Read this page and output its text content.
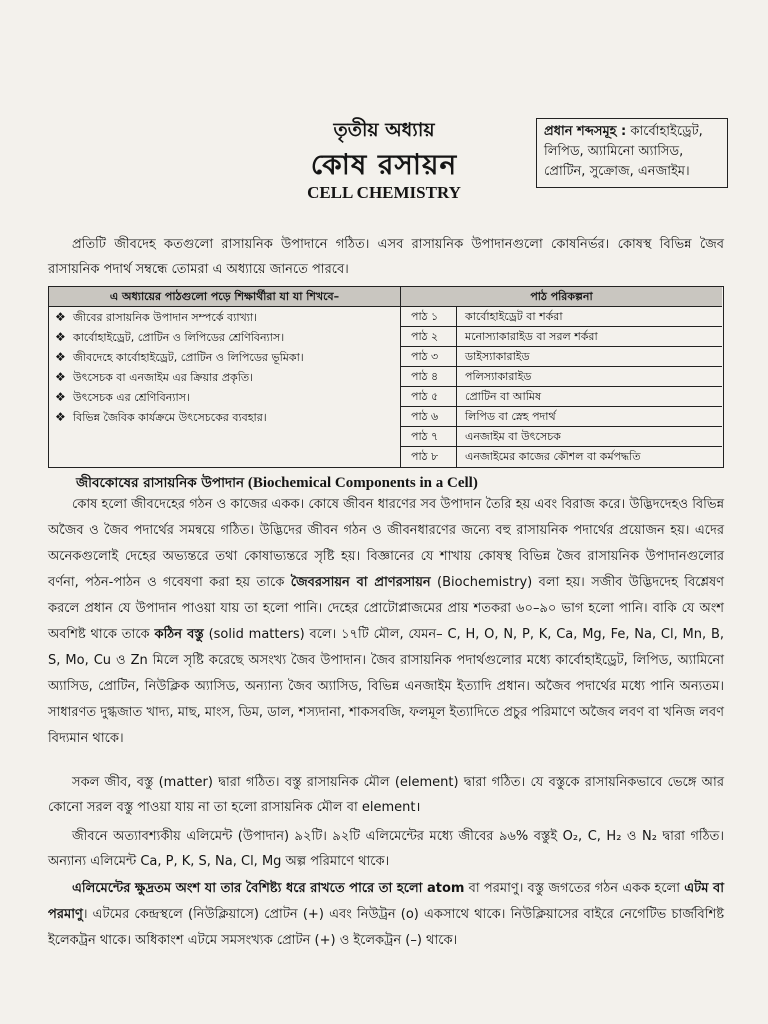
তৃতীয় অধ্যায়
কোষ রসায়ন
CELL CHEMISTRY
প্রধান শব্দসমূহ : কার্বোহাইড্রেট, লিপিড, অ্যামিনো অ্যাসিড, প্রোটিন, সুক্রোজ, এনজাইম।
প্রতিটি জীবদেহ কতগুলো রাসায়নিক উপাদানে গঠিত। এসব রাসায়নিক উপাদানগুলো কোষনির্ভর। কোষস্থ বিভিন্ন জৈব রাসায়নিক পদার্থ সম্বন্ধে তোমরা এ অধ্যায়ে জানতে পারবে।
এ অধ্যায়ের পাঠগুলো পড়ে শিক্ষার্থীরা যা যা শিখবে–
❖ জীবের রাসায়নিক উপাদান সম্পর্কে ব্যাখ্যা।
❖ কার্বোহাইড্রেট, প্রোটিন ও লিপিডের শ্রেণিবিন্যাস।
❖ জীবদেহে কার্বোহাইড্রেট, প্রোটিন ও লিপিডের ভূমিকা।
❖ উৎসেচক বা এনজাইম এর ক্রিয়ার প্রকৃতি।
❖ উৎসেচক এর শ্রেণিবিন্যাস।
❖ বিভিন্ন জৈবিক কার্যক্রমে উৎসেচকের ব্যবহার।
পাঠ পরিকল্পনা
পাঠ ১	কার্বোহাইড্রেট বা শর্করা
পাঠ ২	মনোস্যাকারাইড বা সরল শর্করা
পাঠ ৩	ডাইস্যাকারাইড
পাঠ ৪	পলিস্যাকারাইড
পাঠ ৫	প্রোটিন বা আমিষ
পাঠ ৬	লিপিড বা স্নেহ পদার্থ
পাঠ ৭	এনজাইম বা উৎসেচক
পাঠ ৮	এনজাইমের কাজের কৌশল বা কর্মপদ্ধতি
জীবকোষের রাসায়নিক উপাদান (Biochemical Components in a Cell)
কোষ হলো জীবদেহের গঠন ও কাজের একক। কোষে জীবন ধারণের সব উপাদান তৈরি হয় এবং বিরাজ করে। উদ্ভিদদেহও বিভিন্ন অজৈব ও জৈব পদার্থের সমন্বয়ে গঠিত। উদ্ভিদের জীবন গঠন ও জীবনধারণের জন্যে বহু রাসায়নিক পদার্থের প্রয়োজন হয়। এদের অনেকগুলোই দেহের অভ্যন্তরে তথা কোষাভ্যন্তরে সৃষ্টি হয়। বিজ্ঞানের যে শাখায় কোষস্থ বিভিন্ন জৈব রাসায়নিক উপাদানগুলোর বর্ণনা, পঠন-পাঠন ও গবেষণা করা হয় তাকে জৈবরসায়ন বা প্রাণরসায়ন (Biochemistry) বলা হয়। সজীব উদ্ভিদদেহ বিশ্লেষণ করলে প্রধান যে উপাদান পাওয়া যায় তা হলো পানি। দেহের প্রোটোপ্লাজমের প্রায় শতকরা ৬০–৯০ ভাগ হলো পানি। বাকি যে অংশ অবশিষ্ট থাকে তাকে কঠিন বস্তু (solid matters) বলে। ১৭টি মৌল, যেমন– C, H, O, N, P, K, Ca, Mg, Fe, Na, Cl, Mn, B, S, Mo, Cu ও Zn মিলে সৃষ্টি করেছে অসংখ্য জৈব উপাদান। জৈব রাসায়নিক পদার্থগুলোর মধ্যে কার্বোহাইড্রেট, লিপিড, অ্যামিনো অ্যাসিড, প্রোটিন, নিউক্লিক অ্যাসিড, অন্যান্য জৈব অ্যাসিড, বিভিন্ন এনজাইম ইত্যাদি প্রধান। অজৈব পদার্থের মধ্যে পানি অন্যতম। সাধারণত দুগ্ধজাত খাদ্য, মাছ, মাংস, ডিম, ডাল, শস্যদানা, শাকসবজি, ফলমূল ইত্যাদিতে প্রচুর পরিমাণে অজৈব লবণ বা খনিজ লবণ বিদ্যমান থাকে।
সকল জীব, বস্তু (matter) দ্বারা গঠিত। বস্তু রাসায়নিক মৌল (element) দ্বারা গঠিত। যে বস্তুকে রাসায়নিকভাবে ভেঙ্গে আর কোনো সরল বস্তু পাওয়া যায় না তা হলো রাসায়নিক মৌল বা element।
জীবনে অত্যাবশ্যকীয় এলিমেন্ট (উপাদান) ৯২টি। ৯২টি এলিমেন্টের মধ্যে জীবের ৯৬% বস্তুই O₂, C, H₂ ও N₂ দ্বারা গঠিত। অন্যান্য এলিমেন্ট Ca, P, K, S, Na, Cl, Mg অল্প পরিমাণে থাকে।
এলিমেন্টের ক্ষুদ্রতম অংশ যা তার বৈশিষ্ট্য ধরে রাখতে পারে তা হলো atom বা পরমাণু। বস্তু জগতের গঠন একক হলো এটম বা পরমাণু। এটমের কেন্দ্রস্থলে (নিউক্লিয়াসে) প্রোটন (+) এবং নিউট্রন (o) একসাথে থাকে। নিউক্লিয়াসের বাইরে নেগেটিভ চার্জবিশিষ্ট ইলেকট্রন থাকে। অধিকাংশ এটমে সমসংখ্যক প্রোটন (+) ও ইলেকট্রন (–) থাকে।
